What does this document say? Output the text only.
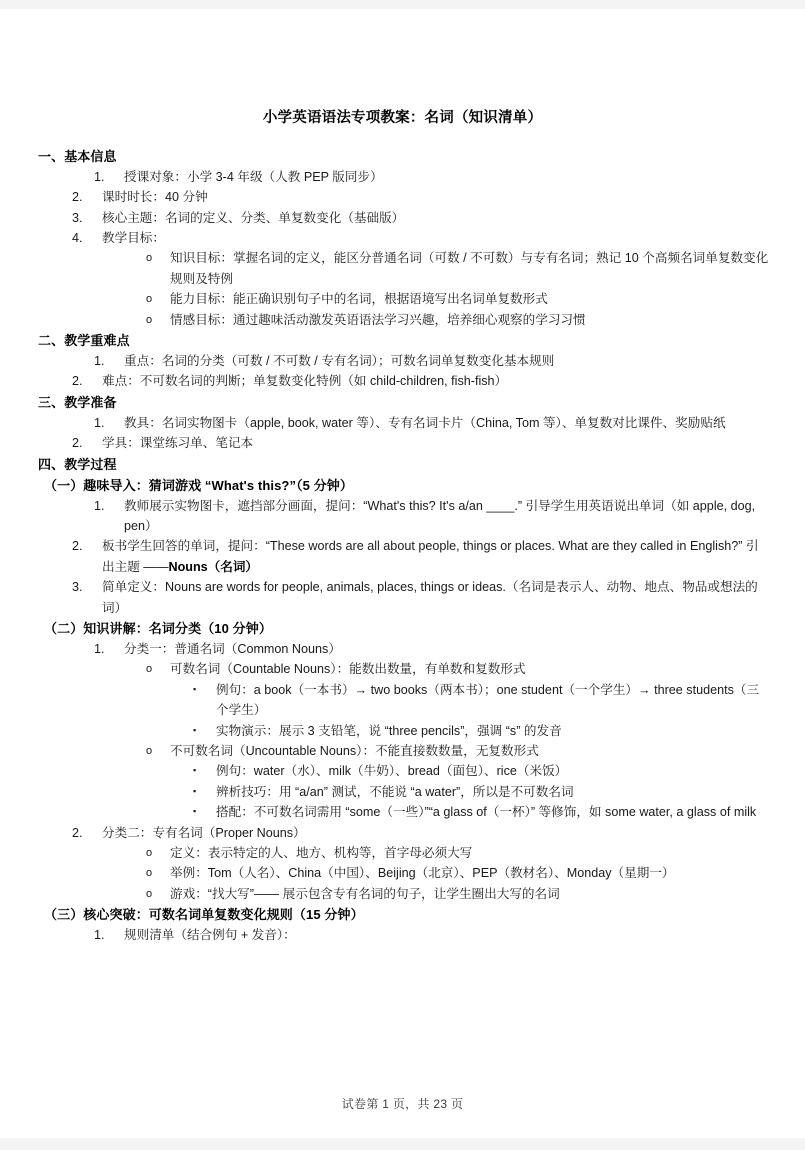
小学英语语法专项教案：名词（知识清单）
一、基本信息
1.	授课对象：小学 3-4 年级（人教 PEP 版同步）
2.	课时时长：40 分钟
3.	核心主题：名词的定义、分类、单复数变化（基础版）
4.	教学目标：
o	知识目标：掌握名词的定义，能区分普通名词（可数 / 不可数）与专有名词；熟记 10 个高频名词单复数变化规则及特例
o	能力目标：能正确识别句子中的名词，根据语境写出名词单复数形式
o	情感目标：通过趣味活动激发英语语法学习兴趣，培养细心观察的学习习惯
二、教学重难点
1.	重点：名词的分类（可数 / 不可数 / 专有名词）；可数名词单复数变化基本规则
2.	难点：不可数名词的判断；单复数变化特例（如 child-children, fish-fish）
三、教学准备
1.	教具：名词实物图卡（apple, book, water 等）、专有名词卡片（China, Tom 等）、单复数对比课件、奖励贴纸
2.	学具：课堂练习单、笔记本
四、教学过程
（一）趣味导入：猜词游戏 “What's this?”（5 分钟）
1.	教师展示实物图卡，遮挡部分画面，提问：“What's this? It's a/an ____.” 引导学生用英语说出单词（如 apple, dog, pen）
2.	板书学生回答的单词，提问：“These words are all about people, things or places. What are they called in English?” 引出主题 ——Nouns（名词）
3.	简单定义：Nouns are words for people, animals, places, things or ideas.（名词是表示人、动物、地点、物品或想法的词）
（二）知识讲解：名词分类（10 分钟）
1.	分类一：普通名词（Common Nouns）
o	可数名词（Countable Nouns）：能数出数量，有单数和复数形式
▪	例句：a book（一本书）→ two books（两本书）；one student（一个学生）→ three students（三个学生）
▪	实物演示：展示 3 支铅笔，说 “three pencils”，强调 “s” 的发音
o	不可数名词（Uncountable Nouns）：不能直接数数量，无复数形式
▪	例句：water（水）、milk（牛奶）、bread（面包）、rice（米饭）
▪	辨析技巧：用 “a/an” 测试，不能说 “a water”，所以是不可数名词
▪	搭配：不可数名词需用 “some（一些）”“a glass of（一杯）” 等修饰，如 some water, a glass of milk
2.	分类二：专有名词（Proper Nouns）
o	定义：表示特定的人、地方、机构等，首字母必须大写
o	举例：Tom（人名）、China（中国）、Beijing（北京）、PEP（教材名）、Monday（星期一）
o	游戏：“找大写”—— 展示包含专有名词的句子，让学生圈出大写的名词
（三）核心突破：可数名词单复数变化规则（15 分钟）
1.	规则清单（结合例句 + 发音）：
试卷第 1 页，共 23 页
